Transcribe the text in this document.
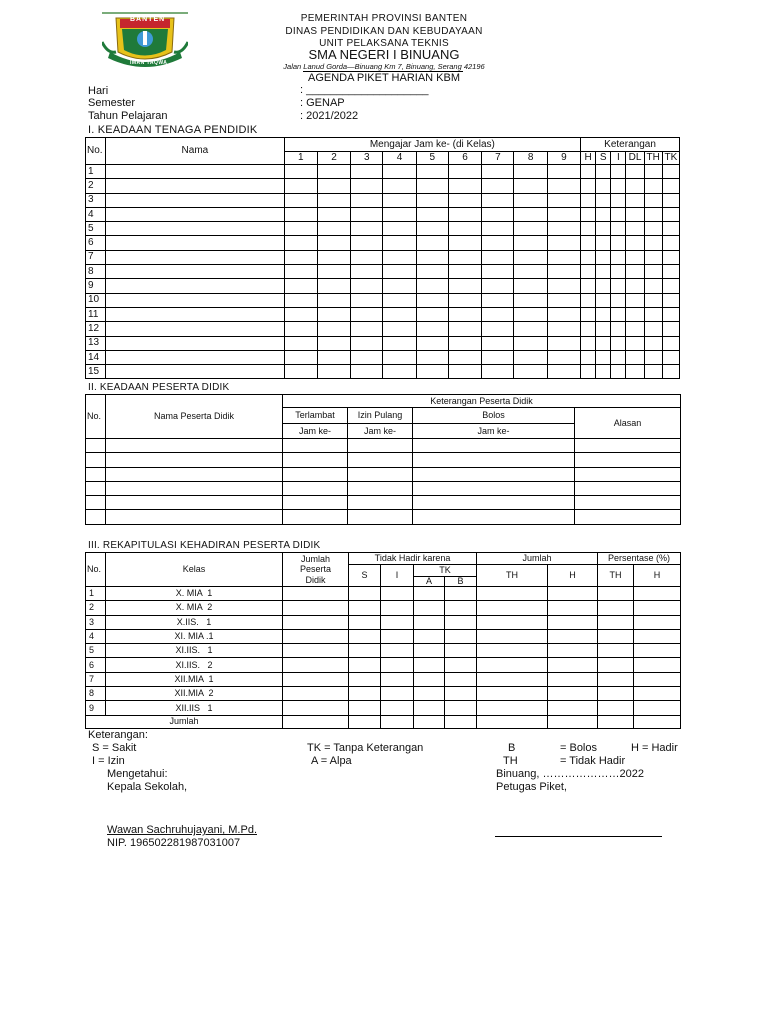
BANTEN
IMAN TAQWA
PEMERINTAH PROVINSI BANTEN
DINAS PENDIDIKAN DAN KEBUDAYAAN
UNIT PELAKSANA TEKNIS
SMA NEGERI I BINUANG
Jalan Lanud Gorda—Binuang Km 7, Binuang, Serang 42196
AGENDA PIKET HARIAN KBM
Hari	: ____________________
Semester	: GENAP
Tahun Pelajaran	: 2021/2022
I. KEADAAN TENAGA PENDIDIK
No.	Nama	Mengajar Jam ke- (di Kelas)									Keterangan					
		1	2	3	4	5	6	7	8	9	H	S	I	DL	TH	TK
1																
2																
3																
4																
5																
6																
7																
8																
9																
10																
11																
12																
13																
14																
15																
II. KEADAAN PESERTA DIDIK
No.	Nama Peserta Didik	Keterangan Peserta Didik			
		Terlambat	Izin Pulang	Bolos	Alasan
		Jam ke-	Jam ke-	Jam ke-	

III. REKAPITULASI KEHADIRAN PESERTA DIDIK
No.	Kelas	Jumlah
Peserta
Didik	Tidak Hadir karena				Jumlah		Persentase (%)	
			S	I	TK		TH	H	TH	H
					A	B				
1	X. MIA  1									
2	X. MIA  2									
3	X.IIS.   1									
4	XI. MIA .1									
5	XI.IIS.   1									
6	XI.IIS.   2									
7	XII.MIA  1									
8	XII.MIA  2									
9	XII.IIS   1									
Jumlah										
Keterangan:
S = Sakit
I = Izin
TK = Tanpa Keterangan
A = Alpa
B	= Bolos	H = Hadir
TH	= Tidak Hadir
Mengetahui:
Kepala Sekolah,
Binuang, …………………2022
Petugas Piket,
Wawan Sachruhujayani, M.Pd.
NIP. 196502281987031007
